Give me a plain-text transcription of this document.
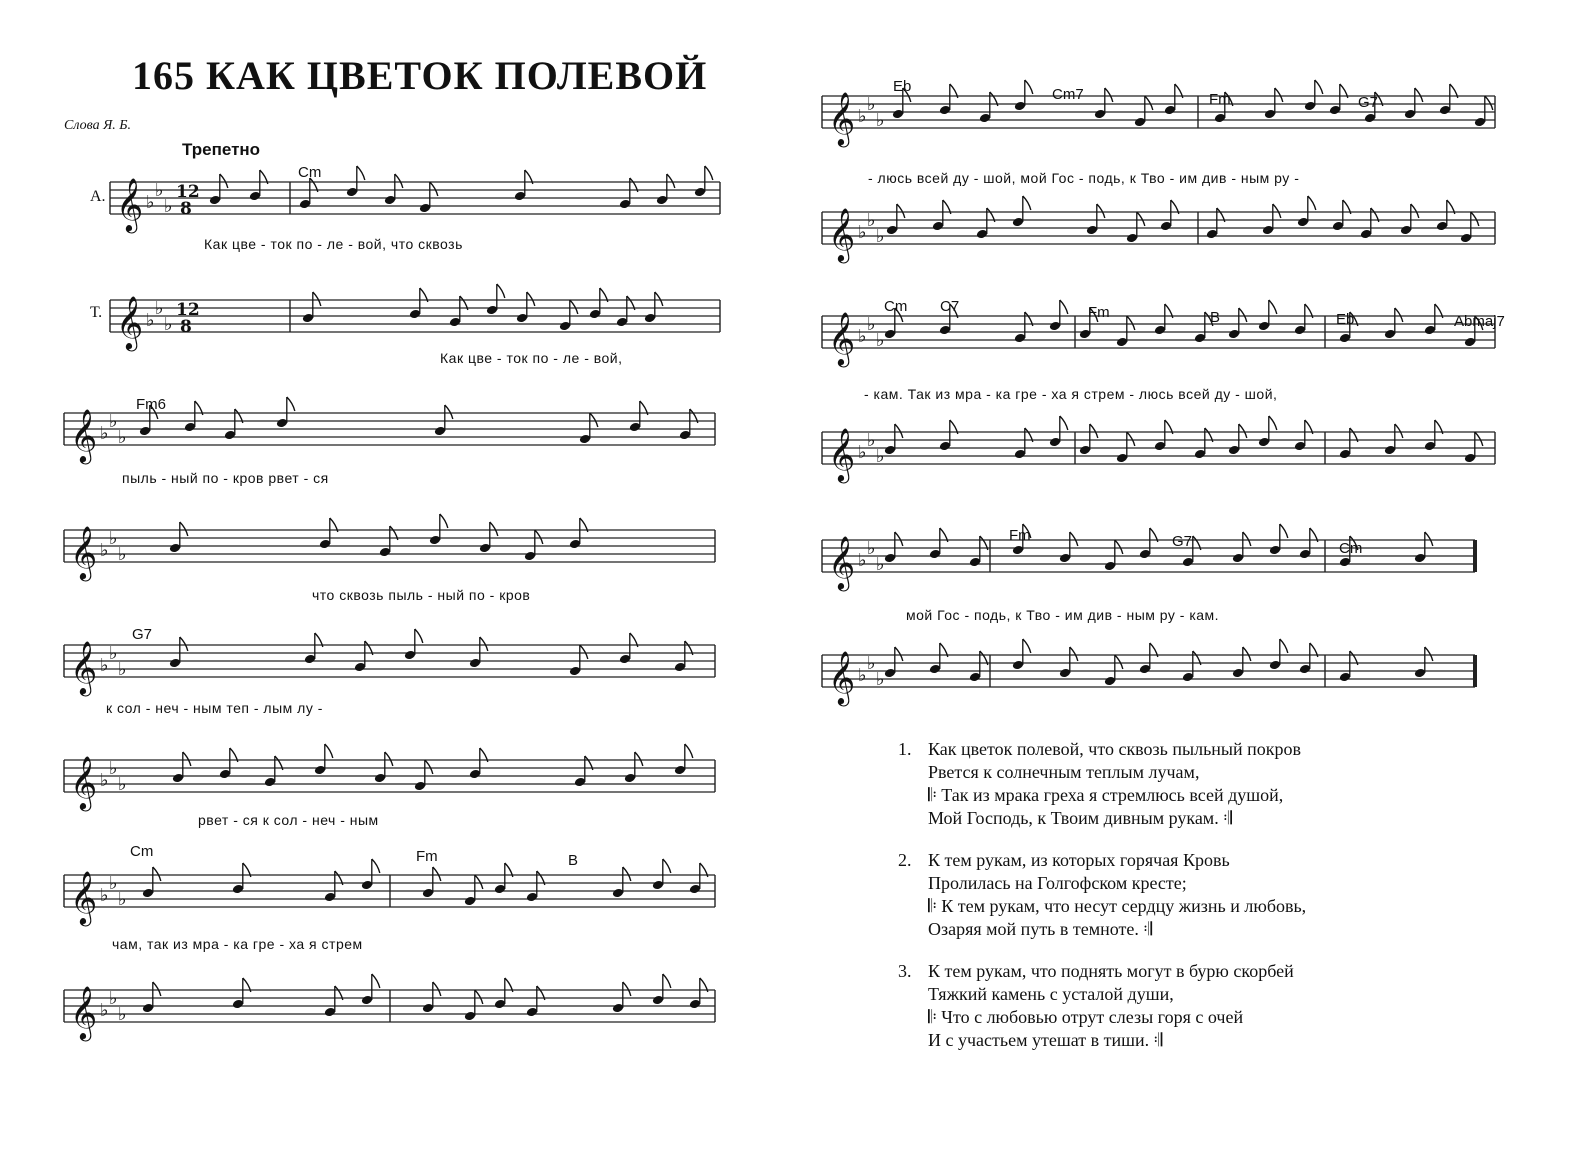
165 КАК ЦВЕТОК ПОЛЕВОЙ
Слова Я. Б.
Трепетно
А.
Т.
𝄞 ♭
♭
♭
12
8
𝄞 ♭
♭
♭
12
8
𝄞 ♭
♭
♭
𝄞 ♭
♭
♭
𝄞 ♭
♭
♭
𝄞 ♭
♭
♭
𝄞 ♭
♭
♭
𝄞 ♭
♭
♭
𝄞 ♭
♭
♭
𝄞 ♭
♭
♭
𝄞 ♭
♭
♭
𝄞 ♭
♭
♭
𝄞 ♭
♭
♭
𝄞 ♭
♭
♭
Cm
Fm6
G7
Cm	Fm	B
Eb	Cm7	Fm	G7
Cm C7	Fm	B	Eb	Abmaj7
Fm	G7	Cm
Как цве - ток по - ле - вой, что сквозь
Как цве - ток по - ле - вой,
пыль - ный по - кров рвет - ся
что сквозь пыль - ный по - кров
к сол - неч - ным теп - лым лу -
рвет - ся к сол - неч - ным
чам, так из мра - ка гре - ха я стрем
- люсь всей ду - шой, мой Гос - подь, к Тво - им див - ным ру -
- кам. Так из мра - ка гре - ха я стрем - люсь всей ду - шой,
мой Гос - подь, к Тво - им див - ным ру - кам.
1. Как цветок полевой, что сквозь пыльный покров
Рвется к солнечным теплым лучам,
𝄆 Так из мрака греха я стремлюсь всей душой,
Мой Господь, к Твоим дивным рукам. 𝄇
2. К тем рукам, из которых горячая Кровь
Пролилась на Голгофском кресте;
𝄆 К тем рукам, что несут сердцу жизнь и любовь,
Озаряя мой путь в темноте. 𝄇
3. К тем рукам, что поднять могут в бурю скорбей
Тяжкий камень с усталой души,
𝄆 Что с любовью отрут слезы горя с очей
И с участьем утешат в тиши. 𝄇
